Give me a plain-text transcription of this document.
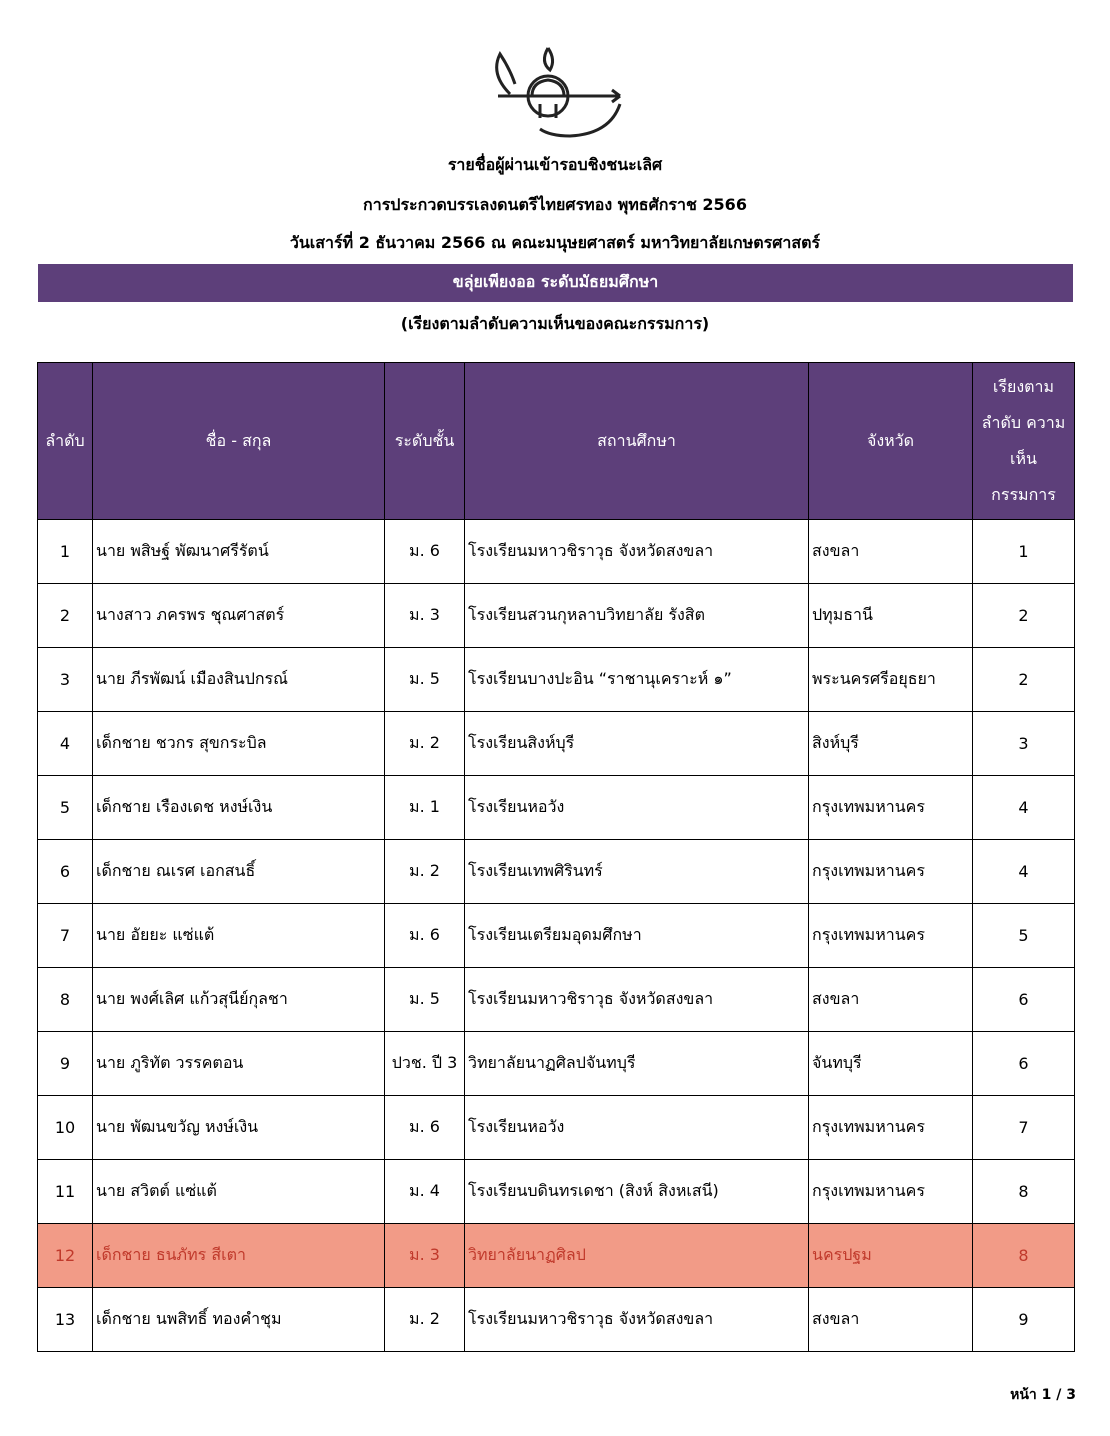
รายชื่อผู้ผ่านเข้ารอบชิงชนะเลิศ
การประกวดบรรเลงดนตรีไทยศรทอง พุทธศักราช 2566
วันเสาร์ที่ 2 ธันวาคม 2566 ณ คณะมนุษยศาสตร์ มหาวิทยาลัยเกษตรศาสตร์
ขลุ่ยเพียงออ ระดับมัธยมศึกษา
(เรียงตามลำดับความเห็นของคณะกรรมการ)
ลำดับ	ชื่อ - สกุล	ระดับชั้น	สถานศึกษา	จังหวัด	เรียงตาม ลำดับ ความเห็น กรรมการ
1	นาย พสิษฐ์ พัฒนาศรีรัตน์	ม. 6	โรงเรียนมหาวชิราวุธ จังหวัดสงขลา	สงขลา	1
2	นางสาว ภครพร ชุณศาสตร์	ม. 3	โรงเรียนสวนกุหลาบวิทยาลัย รังสิต	ปทุมธานี	2
3	นาย ภีรพัฒน์ เมืองสินปกรณ์	ม. 5	โรงเรียนบางปะอิน “ราชานุเคราะห์ ๑”	พระนครศรีอยุธยา	2
4	เด็กชาย ชวกร สุขกระบิล	ม. 2	โรงเรียนสิงห์บุรี	สิงห์บุรี	3
5	เด็กชาย เรืองเดช หงษ์เงิน	ม. 1	โรงเรียนหอวัง	กรุงเทพมหานคร	4
6	เด็กชาย ณเรศ เอกสนธิ์	ม. 2	โรงเรียนเทพศิรินทร์	กรุงเทพมหานคร	4
7	นาย อัยยะ แซ่แต้	ม. 6	โรงเรียนเตรียมอุดมศึกษา	กรุงเทพมหานคร	5
8	นาย พงศ์เลิศ แก้วสุนีย์กุลชา	ม. 5	โรงเรียนมหาวชิราวุธ จังหวัดสงขลา	สงขลา	6
9	นาย ภูริทัต วรรคตอน	ปวช. ปี 3	วิทยาลัยนาฏศิลปจันทบุรี	จันทบุรี	6
10	นาย พัฒนขวัญ หงษ์เงิน	ม. 6	โรงเรียนหอวัง	กรุงเทพมหานคร	7
11	นาย สวิตต์ แซ่แต้	ม. 4	โรงเรียนบดินทรเดชา (สิงห์ สิงหเสนี)	กรุงเทพมหานคร	8
12	เด็กชาย ธนภัทร สีเตา	ม. 3	วิทยาลัยนาฏศิลป	นครปฐม	8
13	เด็กชาย นพสิทธิ์ ทองคำชุม	ม. 2	โรงเรียนมหาวชิราวุธ จังหวัดสงขลา	สงขลา	9
หน้า 1 / 3
